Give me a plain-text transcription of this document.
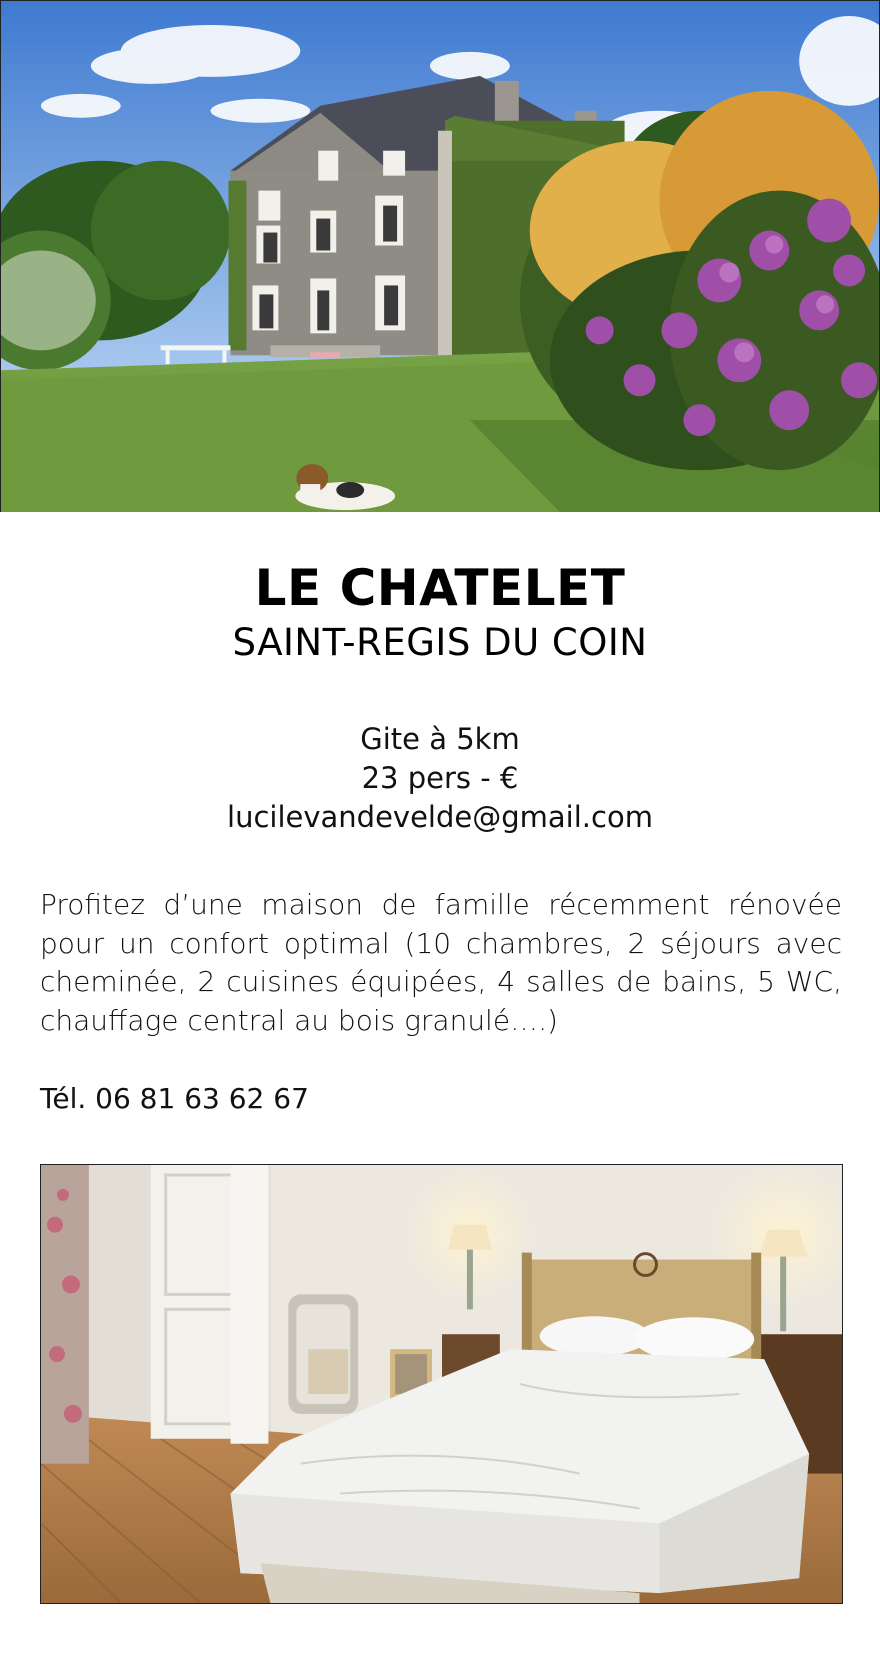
LE CHATELET
SAINT-REGIS DU COIN
Gite à 5km
23 pers - €
lucilevandevelde@gmail.com

Profitez d’une maison de famille récemment rénovée pour un confort optimal (10 chambres, 2 séjours avec cheminée, 2 cuisines équipées, 4 salles de bains, 5 WC, chauffage central au bois granulé….)

Tél. 06 81 63 62 67
